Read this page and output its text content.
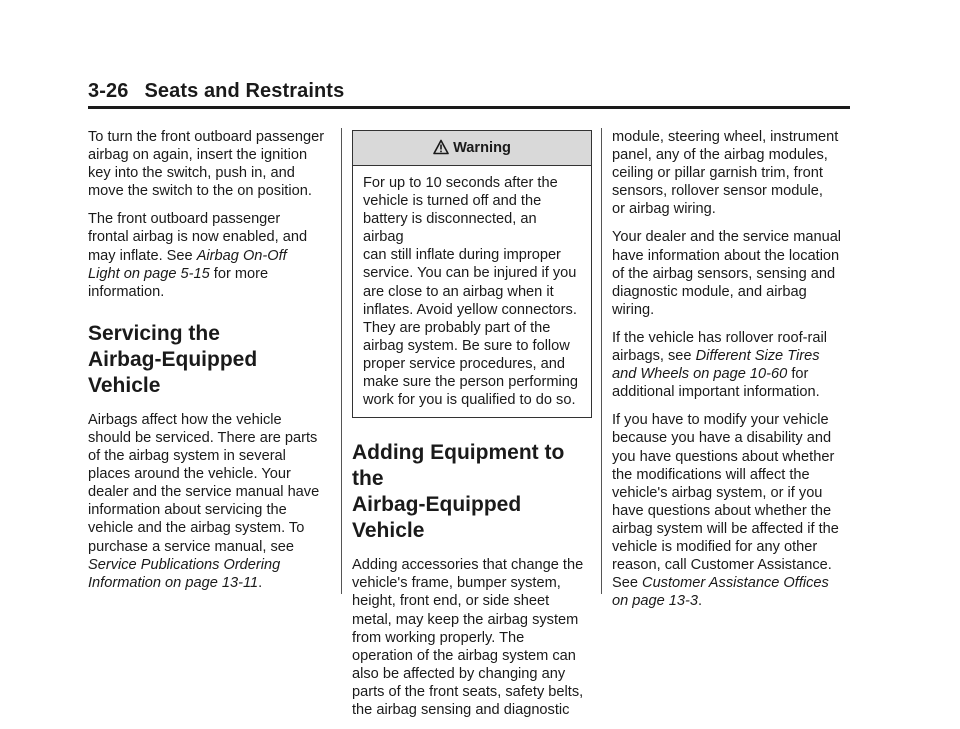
3-26 Seats and Restraints

To turn the front outboard passenger
airbag on again, insert the ignition
key into the switch, push in, and
move the switch to the on position.

The front outboard passenger
frontal airbag is now enabled, and
may inflate. See Airbag On-Off
Light on page 5-15 for more
information.

Servicing the
Airbag-Equipped Vehicle

Airbags affect how the vehicle
should be serviced. There are parts
of the airbag system in several
places around the vehicle. Your
dealer and the service manual have
information about servicing the
vehicle and the airbag system. To
purchase a service manual, see
Service Publications Ordering
Information on page 13-11.

Warning
For up to 10 seconds after the
vehicle is turned off and the
battery is disconnected, an airbag
can still inflate during improper
service. You can be injured if you
are close to an airbag when it
inflates. Avoid yellow connectors.
They are probably part of the
airbag system. Be sure to follow
proper service procedures, and
make sure the person performing
work for you is qualified to do so.
Adding Equipment to the
Airbag-Equipped Vehicle

Adding accessories that change the
vehicle's frame, bumper system,
height, front end, or side sheet
metal, may keep the airbag system
from working properly. The
operation of the airbag system can
also be affected by changing any
parts of the front seats, safety belts,
the airbag sensing and diagnostic

module, steering wheel, instrument
panel, any of the airbag modules,
ceiling or pillar garnish trim, front
sensors, rollover sensor module,
or airbag wiring.

Your dealer and the service manual
have information about the location
of the airbag sensors, sensing and
diagnostic module, and airbag
wiring.

If the vehicle has rollover roof-rail
airbags, see Different Size Tires
and Wheels on page 10-60 for
additional important information.

If you have to modify your vehicle
because you have a disability and
you have questions about whether
the modifications will affect the
vehicle's airbag system, or if you
have questions about whether the
airbag system will be affected if the
vehicle is modified for any other
reason, call Customer Assistance.
See Customer Assistance Offices
on page 13-3.
